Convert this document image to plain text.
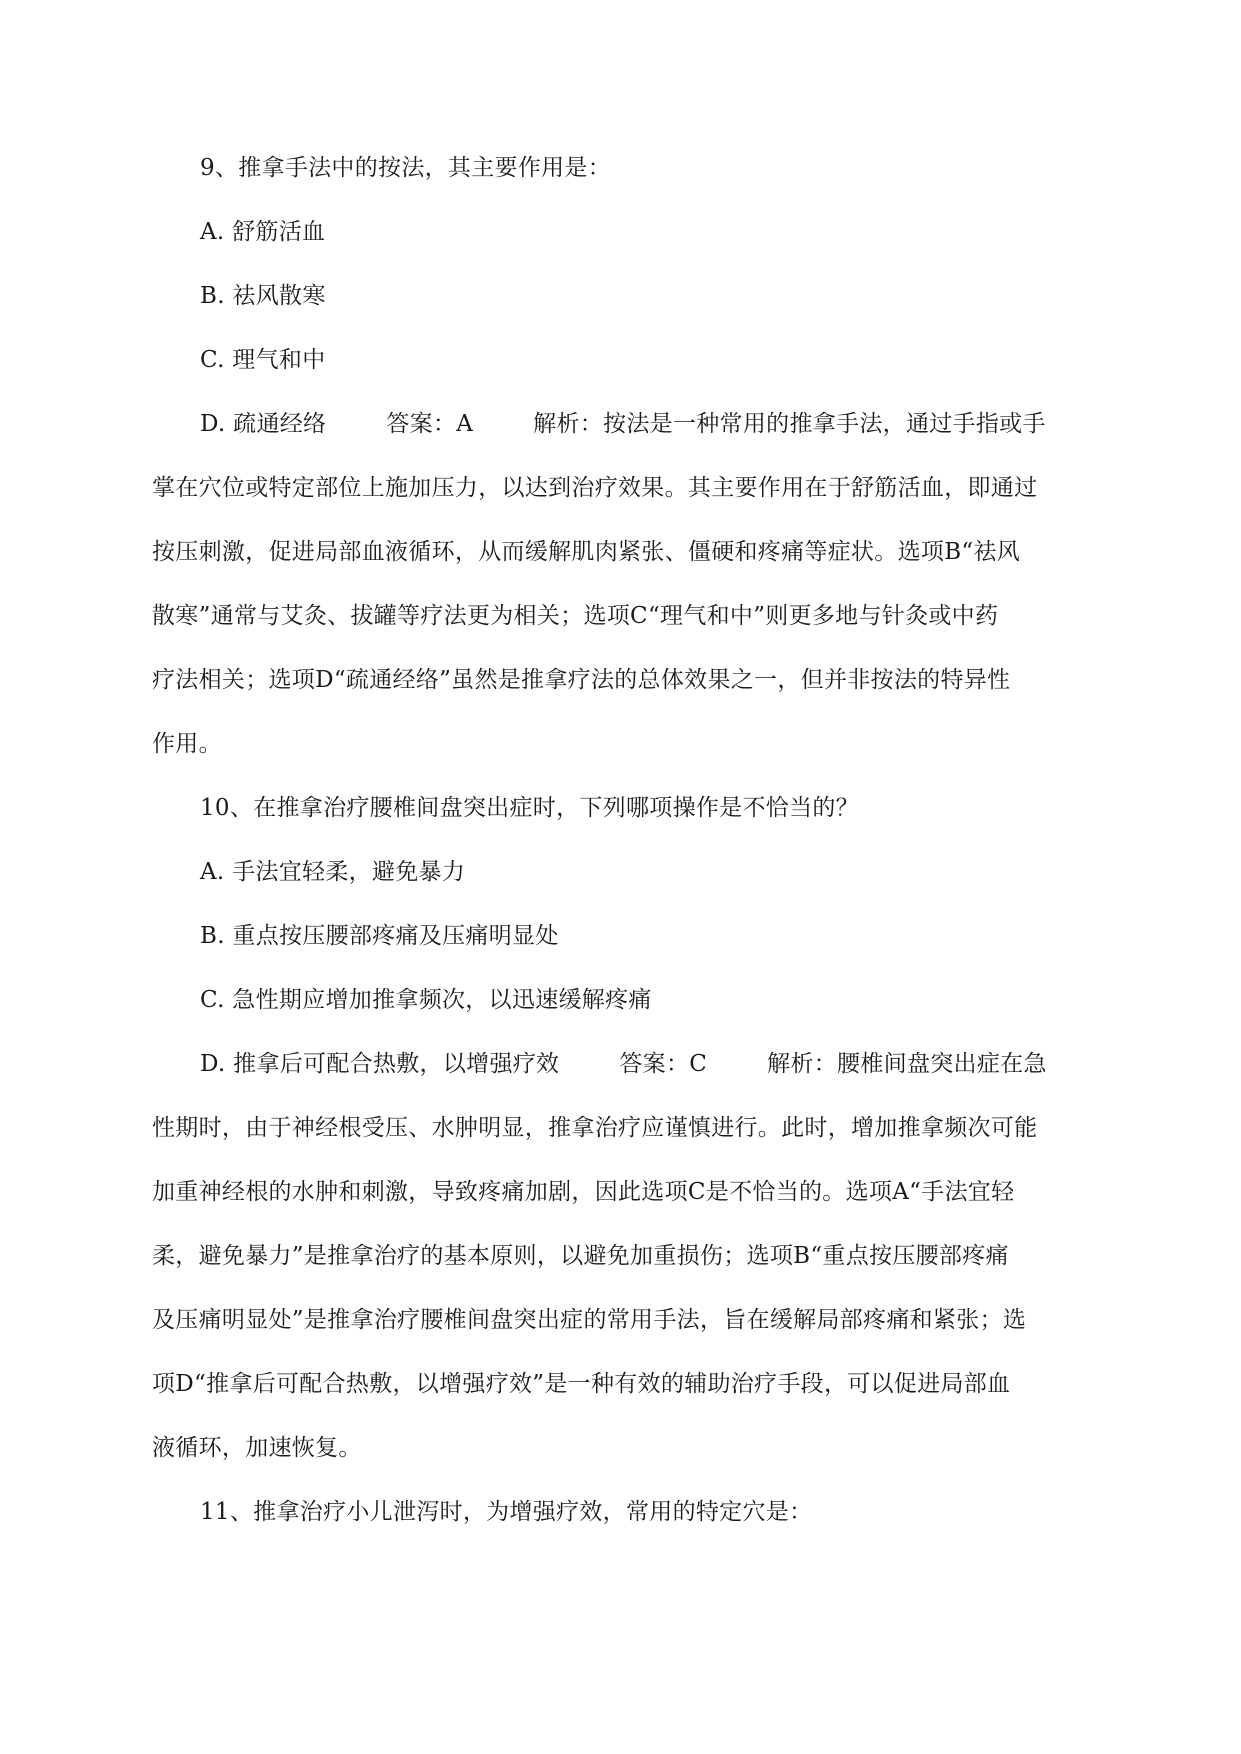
9、推拿手法中的按法，其主要作用是：
A. 舒筋活血
B. 祛风散寒
C. 理气和中
D. 疏通经络	答案：A	解析：按法是一种常用的推拿手法，通过手指或手
掌在穴位或特定部位上施加压力，以达到治疗效果。其主要作用在于舒筋活血，即通过
按压刺激，促进局部血液循环，从而缓解肌肉紧张、僵硬和疼痛等症状。选项B“祛风
散寒”通常与艾灸、拔罐等疗法更为相关；选项C“理气和中”则更多地与针灸或中药
疗法相关；选项D“疏通经络”虽然是推拿疗法的总体效果之一，但并非按法的特异性
作用。
10、在推拿治疗腰椎间盘突出症时，下列哪项操作是不恰当的？
A. 手法宜轻柔，避免暴力
B. 重点按压腰部疼痛及压痛明显处
C. 急性期应增加推拿频次，以迅速缓解疼痛
D. 推拿后可配合热敷，以增强疗效	答案：C	解析：腰椎间盘突出症在急
性期时，由于神经根受压、水肿明显，推拿治疗应谨慎进行。此时，增加推拿频次可能
加重神经根的水肿和刺激，导致疼痛加剧，因此选项C是不恰当的。选项A“手法宜轻
柔，避免暴力”是推拿治疗的基本原则，以避免加重损伤；选项B“重点按压腰部疼痛
及压痛明显处”是推拿治疗腰椎间盘突出症的常用手法，旨在缓解局部疼痛和紧张；选
项D“推拿后可配合热敷，以增强疗效”是一种有效的辅助治疗手段，可以促进局部血
液循环，加速恢复。
11、推拿治疗小儿泄泻时，为增强疗效，常用的特定穴是：
